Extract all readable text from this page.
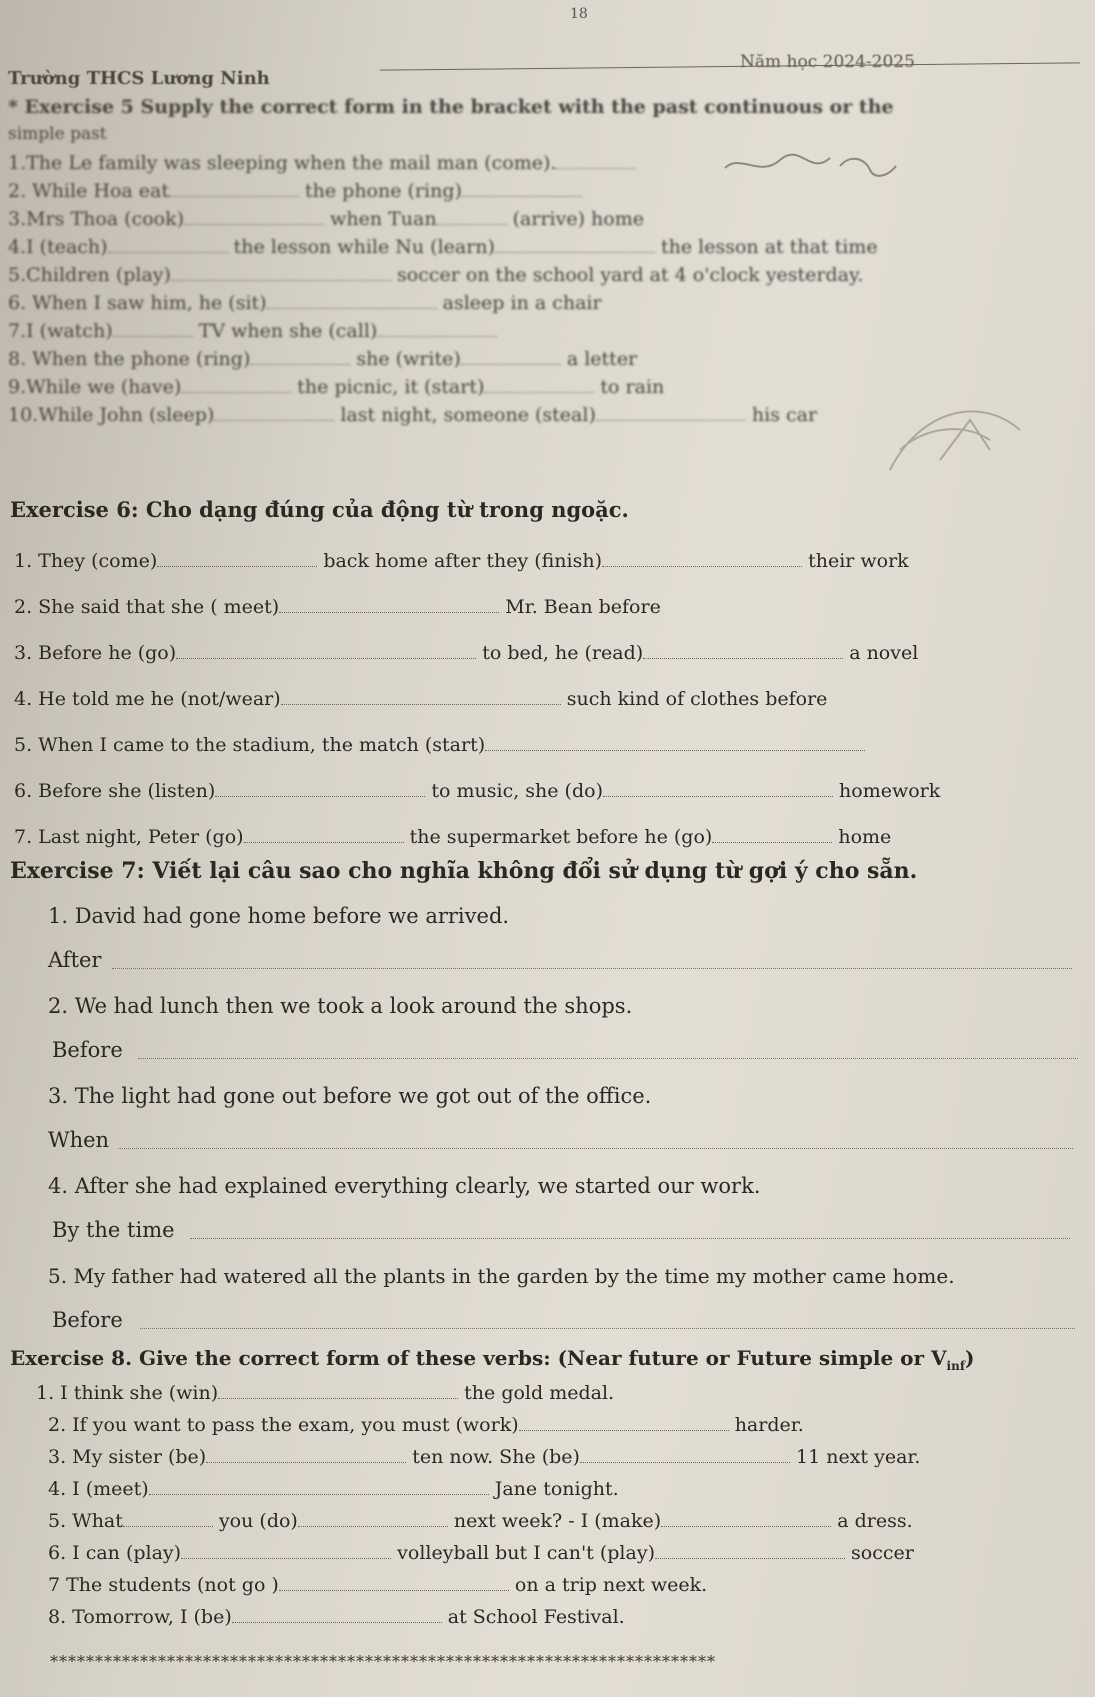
18
Năm học 2024-2025
Trường THCS Lương Ninh
* Exercise 5 Supply the correct form in the bracket with the past continuous or the
simple past
1.The Le family was sleeping when the mail man (come).
2. While Hoa eat	the phone (ring)
3.Mrs Thoa (cook)	when Tuan	(arrive) home
4.I (teach)	the lesson while Nu (learn)	the lesson at that time
5.Children (play)	soccer on the school yard at 4 o'clock yesterday.
6. When I saw him, he (sit)	asleep in a chair
7.I (watch)	TV when she (call)
8. When the phone (ring)	she (write)	a letter
9.While we (have)	the picnic, it (start)	to rain
10.While John (sleep)	last night, someone (steal)	his car
Exercise 6: Cho dạng đúng của động từ trong ngoặc.
1. They (come)	back home after they (finish)	their work
2. She said that she ( meet)	Mr. Bean before
3. Before he (go)	to bed, he (read)	a novel
4. He told me he (not/wear)	such kind of clothes before
5. When I came to the stadium, the match (start)
6. Before she (listen)	to music, she (do)	homework
7. Last night, Peter (go)	the supermarket before he (go)	home
Exercise 7: Viết lại câu sao cho nghĩa không đổi sử dụng từ gợi ý cho sẵn.
1. David had gone home before we arrived.
After
2. We had lunch then we took a look around the shops.
Before
3. The light had gone out before we got out of the office.
When
4. After she had explained everything clearly, we started our work.
By the time
5. My father had watered all the plants in the garden by the time my mother came home.
Before
Exercise 8. Give the correct form of these verbs: (Near future or Future simple or $V_{inf}$)
1. I think she (win)	the gold medal.
2. If you want to pass the exam, you must (work)	harder.
3. My sister (be)	ten now. She (be)	11 next year.
4. I (meet)	Jane tonight.
5. What	you (do)	next week? - I (make)	a dress.
6. I can (play)	volleyball but I can't (play)	soccer
7 The students (not go )	on a trip next week.
8. Tomorrow, I (be)	at School Festival.
**************************************************************************
